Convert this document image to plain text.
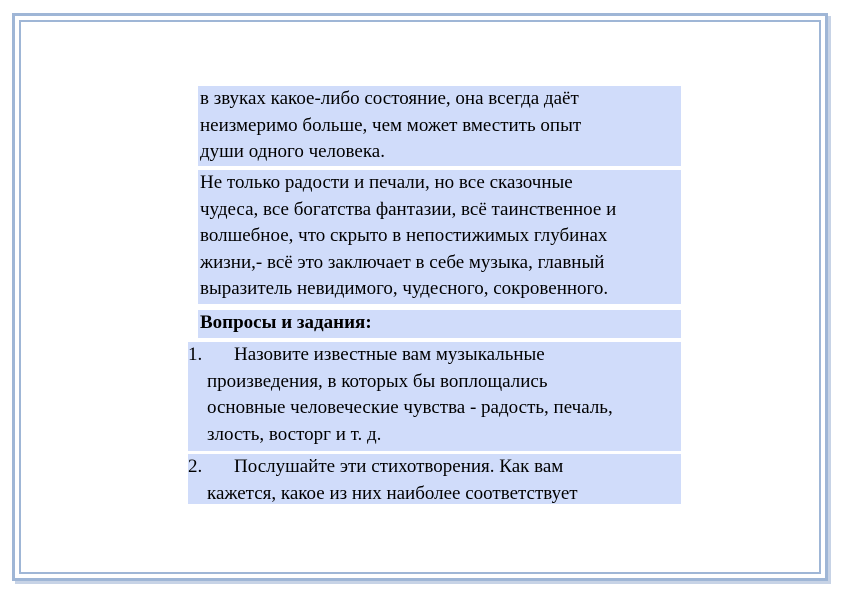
в звуках какое-либо состояние, она всегда даёт
неизмеримо больше, чем может вместить опыт
души одного человека.
Не только радости и печали, но все сказочные
чудеса, все богатства фантазии, всё таинственное и
волшебное, что скрыто в непостижимых глубинах
жизни,- всё это заключает в себе музыка, главный
выразитель невидимого, чудесного, сокровенного.
Вопросы и задания:
1. Назовите известные вам музыкальные
произведения, в которых бы воплощались
основные человеческие чувства - радость, печаль,
злость, восторг и т. д.
2. Послушайте эти стихотворения. Как вам
кажется, какое из них наиболее соответствует
